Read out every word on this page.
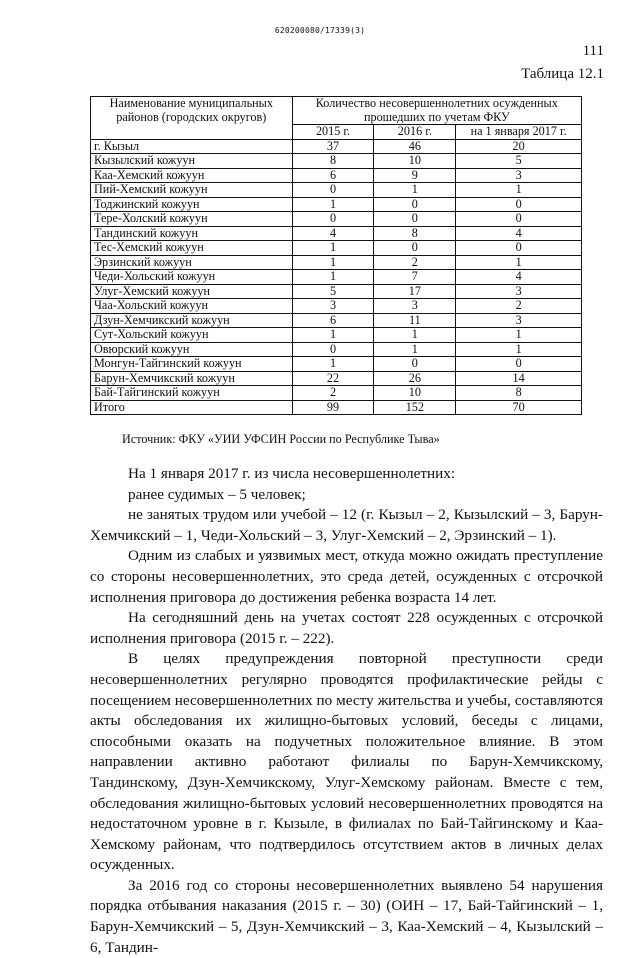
620200080/17339(3)
111
Таблица 12.1
Наименование муниципальных районов (городских округов)	Количество несовершеннолетних осужденных прошедших по учетам ФКУ		
	2015 г.	2016 г.	на 1 января 2017 г.
г. Кызыл	37	46	20
Кызылский кожуун	8	10	5
Каа-Хемский кожуун	6	9	3
Пий-Хемский кожуун	0	1	1
Тоджинский кожуун	1	0	0
Тере-Холский кожуун	0	0	0
Тандинский кожуун	4	8	4
Тес-Хемский кожуун	1	0	0
Эрзинский кожуун	1	2	1
Чеди-Хольский кожуун	1	7	4
Улуг-Хемский кожуун	5	17	3
Чаа-Хольский кожуун	3	3	2
Дзун-Хемчикский кожуун	6	11	3
Сут-Хольский кожуун	1	1	1
Овюрский кожуун	0	1	1
Монгун-Тайгинский кожуун	1	0	0
Барун-Хемчикский кожуун	22	26	14
Бай-Тайгинский кожуун	2	10	8
Итого	99	152	70
Источник: ФКУ «УИИ УФСИН России по Республике Тыва»

На 1 января 2017 г. из числа несовершеннолетних:

ранее судимых – 5 человек;

не занятых трудом или учебой – 12 (г. Кызыл – 2, Кызылский – 3, Барун-Хемчикский – 1, Чеди-Хольский – 3, Улуг-Хемский – 2, Эрзинский – 1).

Одним из слабых и уязвимых мест, откуда можно ожидать преступление со стороны несовершеннолетних, это среда детей, осужденных с отсрочкой исполнения приговора до достижения ребенка возраста 14 лет.

На сегодняшний день на учетах состоят 228 осужденных с отсрочкой исполнения приговора (2015 г. – 222).

В целях предупреждения повторной преступности среди несовершеннолетних регулярно проводятся профилактические рейды с посещением несовершеннолетних по месту жительства и учебы, составляются акты обследования их жилищно-бытовых условий, беседы с лицами, способными оказать на подучетных положительное влияние. В этом направлении активно работают филиалы по Барун-Хемчикскому, Тандинскому, Дзун-Хемчикскому, Улуг-Хемскому районам. Вместе с тем, обследования жилищно-бытовых условий несовершеннолетних проводятся на недостаточном уровне в г. Кызыле, в филиалах по Бай-Тайгинскому и Каа-Хемскому районам, что подтвердилось отсутствием актов в личных делах осужденных.

За 2016 год со стороны несовершеннолетних выявлено 54 нарушения порядка отбывания наказания (2015 г. – 30) (ОИН – 17, Бай-Тайгинский – 1, Барун-Хемчикский – 5, Дзун-Хемчикский – 3, Каа-Хемский – 4, Кызылский – 6, Тандин-
